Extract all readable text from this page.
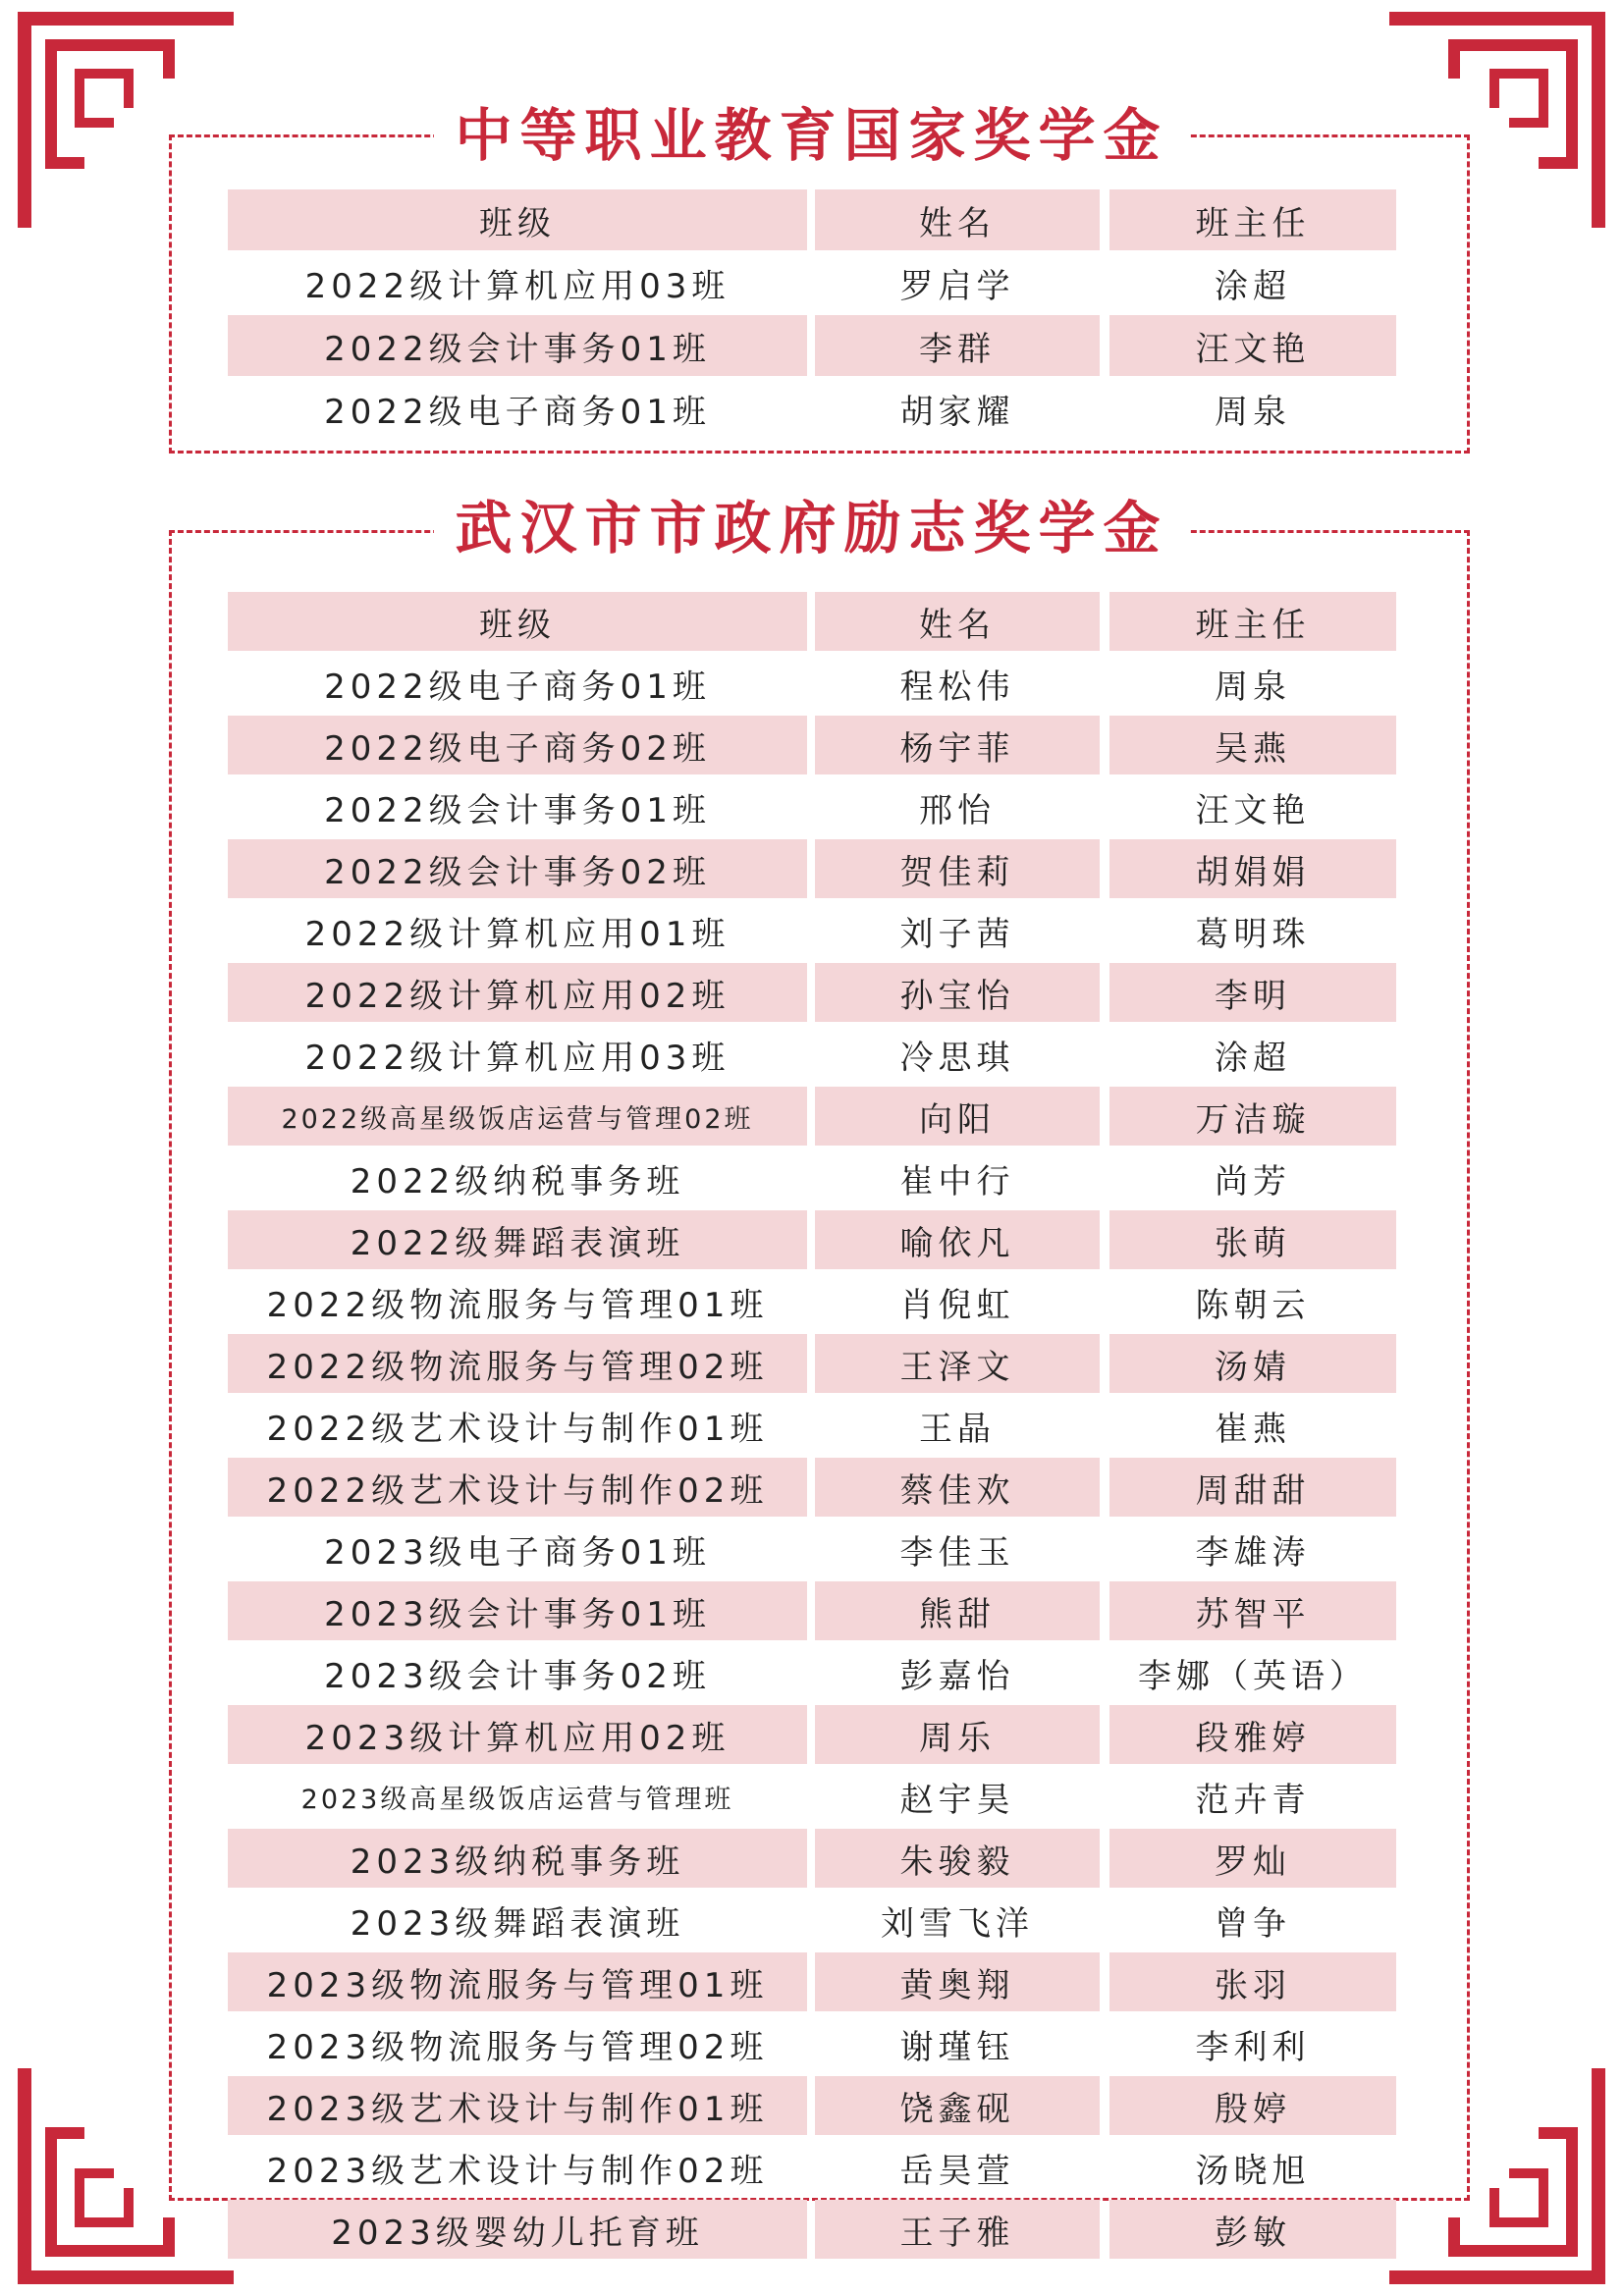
中等职业教育国家奖学金
班级	姓名	班主任
2022级计算机应用03班	罗启学	涂超
2022级会计事务01班	李群	汪文艳
2022级电子商务01班	胡家耀	周泉
武汉市市政府励志奖学金
班级	姓名	班主任
2022级电子商务01班	程松伟	周泉
2022级电子商务02班	杨宇菲	吴燕
2022级会计事务01班	邢怡	汪文艳
2022级会计事务02班	贺佳莉	胡娟娟
2022级计算机应用01班	刘子茜	葛明珠
2022级计算机应用02班	孙宝怡	李明
2022级计算机应用03班	冷思琪	涂超
2022级高星级饭店运营与管理02班	向阳	万洁璇
2022级纳税事务班	崔中行	尚芳
2022级舞蹈表演班	喻依凡	张萌
2022级物流服务与管理01班	肖倪虹	陈朝云
2022级物流服务与管理02班	王泽文	汤婧
2022级艺术设计与制作01班	王晶	崔燕
2022级艺术设计与制作02班	蔡佳欢	周甜甜
2023级电子商务01班	李佳玉	李雄涛
2023级会计事务01班	熊甜	苏智平
2023级会计事务02班	彭嘉怡	李娜（英语）
2023级计算机应用02班	周乐	段雅婷
2023级高星级饭店运营与管理班	赵宇昊	范卉青
2023级纳税事务班	朱骏毅	罗灿
2023级舞蹈表演班	刘雪飞洋	曾争
2023级物流服务与管理01班	黄奥翔	张羽
2023级物流服务与管理02班	谢瑾钰	李利利
2023级艺术设计与制作01班	饶鑫砚	殷婷
2023级艺术设计与制作02班	岳昊萱	汤晓旭
2023级婴幼儿托育班	王子雅	彭敏
